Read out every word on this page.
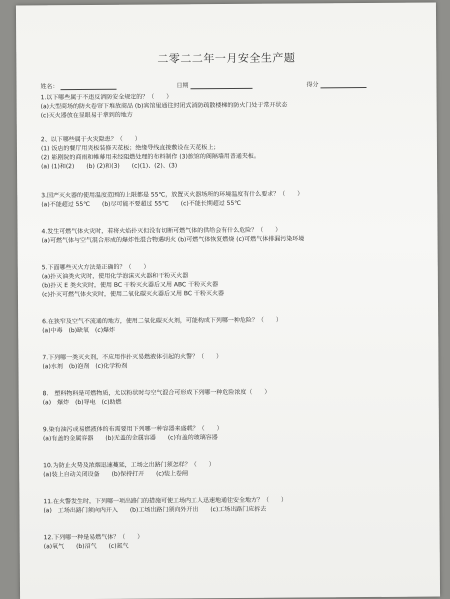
二零二二年一月安全生产题
姓名：	日期	得分

1.以下哪些属于不违反消防安全规定的？（　　）

(a)大型商场的防火卷帘下堆放商品 (b)宾馆里通往封闭式消防疏散楼梯的防火门处于常开状态

(c)灭火器放在显眼易于拿到的地方

2、以下哪些属于火灾隐患？（　　）

(1) 饭店的餐厅用夹板装修天花板；绝缘导线直接敷设在天花板上；

(2) 影剧院的商雨和帷幕用未经阻燃处理的布料制作 (3)旅馆的阁隔墙用普通夹板。

(a) (1)和(2)　　(b) (2)和(3)　　(c)(1)、(2)、(3)

3.国产灭火器的使用温度范围的上限都是 55℃，放置灭火器场所的环境温度有什么要求？（　　）

(a)不能超过 55℃　　(b)尽可能不要超过 55℃　　(c)不能长期超过 55℃

4.发生可燃气体火灾时，若将火焰扑灭但没有切断可燃气体的供给会有什么危险？（　　）

(a)可燃气体与空气混合形成的爆炸性混合物遇明火 (b)可燃气体恢复燃烧 (c)可燃气体排漏污染环境

5.下面哪些灭火方法是正确的？（　　）

(a)扑灭油类火灾时，使用化学泡沫灭火器和干粉灭火器

(b)扑灭 E 类火灾时，使用 BC 干粉灭火器后又用 ABC 干粉灭火器

(c)扑灭可燃气体火灾时，使用二氧化碳灭火器后又用 BC 干粉灭火器

6.在狭窄及空气不流通的地方，使用二氧化碳灭火剂，可能构成下列哪一种危险？（　　）

(a)中毒　(b)缺氧　(c)爆炸

7.下列哪一类灭火剂，不应用作扑灭易燃液体引起的火警？（　　）

(a)水剂　(b)泡剂　(c)化学粉剂

8.　塑料物料是可燃物质，尤以粉状时与空气混合可形成下列哪一种危险浓度（　　）

(a)　爆炸　(b)导电　(c)助燃

9.染有油污或易燃液体的布需要用下列哪一种容器来盛载？（　　）

(a)有盖的金属容器　　(b)无盖的金属容器　　(c)有盖的玻璃容器

10.为防止火势及浓烟迅速蔓延，工场之出路门须怎样？（　　）

(a)装上自动关闭设备　　(b)保持打开　　(c)装上卷闸

11.在火警发生时，下列哪一项出路门的措施可使工场内工人迅速地通往安全地方？（　　）

(a)　工场出路门须向内开入　　(b)工场出路门须向外开出　　(c)工场出路门应拆去

12.下列哪一种是易燃气体？（　　）

(a)氧气　　(b)沼气　　(c)氮气
